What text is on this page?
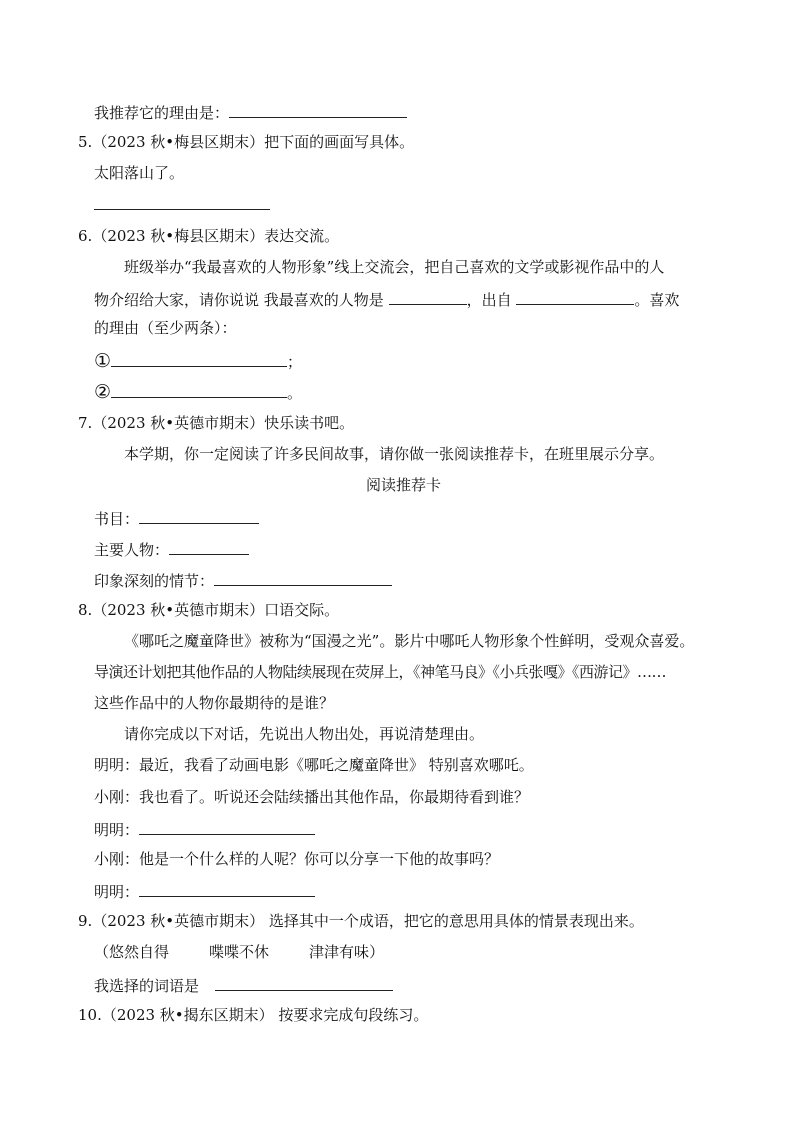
我推荐它的理由是：
5.（2023 秋•梅县区期末）把下面的画面写具体。
太阳落山了。
6.（2023 秋•梅县区期末）表达交流。
班级举办“我最喜欢的人物形象”线上交流会，把自己喜欢的文学或影视作品中的人
物介绍给大家，请你说说 我最喜欢的人物是	，出自	。喜欢
的理由（至少两条）：
①	；
②	。
7.（2023 秋•英德市期末）快乐读书吧。
本学期，你一定阅读了许多民间故事，请你做一张阅读推荐卡，在班里展示分享。
阅读推荐卡
书目：
主要人物：
印象深刻的情节：
8.（2023 秋•英德市期末）口语交际。
《哪吒之魔童降世》被称为“国漫之光”。影片中哪吒人物形象个性鲜明，受观众喜爱。
导演还计划把其他作品的人物陆续展现在荧屏上，《神笔马良》《小兵张嘎》《西游记》……
这些作品中的人物你最期待的是谁？
请你完成以下对话，先说出人物出处，再说清楚理由。
明明：最近，我看了动画电影《哪吒之魔童降世》 特别喜欢哪吒。
小刚：我也看了。听说还会陆续播出其他作品，你最期待看到谁？
明明：
小刚：他是一个什么样的人呢？你可以分享一下他的故事吗？
明明：
9.（2023 秋•英德市期末） 选择其中一个成语，把它的意思用具体的情景表现出来。
（悠然自得	喋喋不休	津津有味）
我选择的词语是
10.（2023 秋•揭东区期末） 按要求完成句段练习。
